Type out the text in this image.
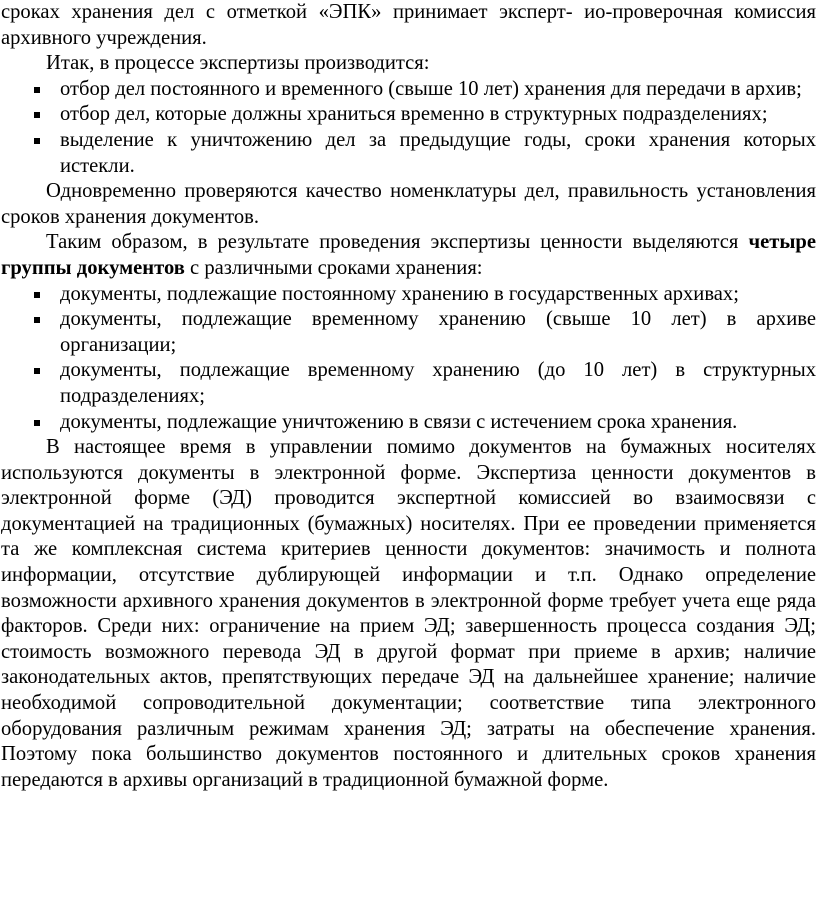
сроках хранения дел с отметкой «ЭПК» принимает эксперт- ио-проверочная комиссия архивного учреждения.

Итак, в процессе экспертизы производится:

отбор дел постоянного и временного (свыше 10 лет) хранения для передачи в архив;
отбор дел, которые должны храниться временно в структурных подразделениях;
выделение к уничтожению дел за предыдущие годы, сроки хранения которых истекли.

Одновременно проверяются качество номенклатуры дел, правильность установления сроков хранения документов.

Таким образом, в результате проведения экспертизы ценности выделяются четыре группы документов с различными сроками хранения:

документы, подлежащие постоянному хранению в государственных архивах;
документы, подлежащие временному хранению (свыше 10 лет) в архиве организации;
документы, подлежащие временному хранению (до 10 лет) в структурных подразделениях;
документы, подлежащие уничтожению в связи с истечением срока хранения.

В настоящее время в управлении помимо документов на бумажных носителях используются документы в электронной форме. Экспертиза ценности документов в электронной форме (ЭД) проводится экспертной комиссией во взаимосвязи с документацией на традиционных (бумажных) носителях. При ее проведении применяется та же комплексная система критериев ценности документов: значимость и полнота информации, отсутствие дублирующей информации и т.п. Однако определение возможности архивного хранения документов в электронной форме требует учета еще ряда факторов. Среди них: ограничение на прием ЭД; завершенность процесса создания ЭД; стоимость возможного перевода ЭД в другой формат при приеме в архив; наличие законодательных актов, препятствующих передаче ЭД на дальнейшее хранение; наличие необходимой сопроводительной документации; соответствие типа электронного оборудования различным режимам хранения ЭД; затраты на обеспечение хранения. Поэтому пока большинство документов постоянного и длительных сроков хранения передаются в архивы организаций в традиционной бумажной форме.
